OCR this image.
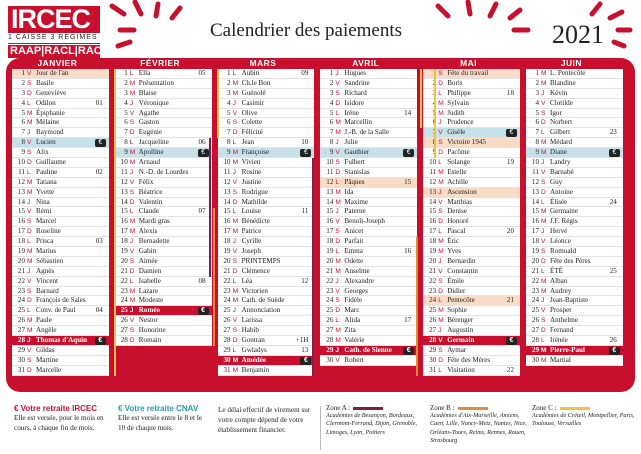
IRCEC
1 CAISSE 3 RÉGIMES
RAAP|RACL|RACD
Calendrier des paiements	2021
JANVIER
1 V Jour de l'an
2 S Basile
3 D Geneviève
4 L Odilon	01
5 M Épiphanie
6 M Mélaine
7 J Raymond
8 V Lucien	€
9 S Alix
10 D Guillaume
11 L Pauline	02
12 M Tatiana
13 M Yvette
14 J Nina
15 V Rémi
16 S Marcel
17 D Roseline
18 L Prisca	03
19 M Marius
20 M Sébastien
21 J Agnès
22 V Vincent
23 S Barnard
24 D François de Sales
25 L Conv. de Paul	04
26 M Paule
27 M Angèle
28 J Thomas d'Aquin	€
29 V Gildas
30 S Martine
31 D Marcelle
FÉVRIER
1 L Ella	05
2 M Présentation
3 M Blaise
4 J Véronique
5 V Agathe
6 S Gaston
7 D Eugénie
8 L Jacqueline	06
9 M Apolline	€
10 M Arnaud
11 J N.-D. de Lourdes
12 V Félix
13 S Béatrice
14 D Valentin
15 L Claude	07
16 M Mardi gras
17 M Alexis
18 J Bernadette
19 V Gabin
20 S Aimée
21 D Damien
22 L Isabelle	08
23 M Lazare
24 M Modeste
25 J Roméo	€
26 V Nestor
27 S Honorine
28 D Romain
MARS
1 L Aubin	09
2 M Ch.le Bon
3 M Guénolé
4 J Casimir
5 V Olive
6 S Colette
7 D Félicité
8 L Jean	10
9 M Françoise	€
10 M Vivien
11 J Rosine
12 V Justine
13 S Rodrigue
14 D Mathilde
15 L Louise	11
16 M Bénédicte
17 M Patrice
18 J Cyrille
19 V Joseph
20 S PRINTEMPS
21 D Clémence
22 L Léa	12
23 M Victorien
24 M Cath. de Suède
25 J Annonciation
26 V Larissa
27 S Habib
28 D Gontran	+1H
29 L Gwladys	13
30 M Amédée	€
31 M Benjamin
AVRIL
1 J Hugues
2 V Sandrine
3 S Richard
4 D Isidore
5 L Irène	14
6 M Marcellin
7 M J.-B. de la Salle
8 J Julie
9 V Gauthier	€
10 S Fulbert
11 D Stanislas
12 L Pâques	15
13 M Ida
14 M Maxime
15 J Paterne
16 V Benoît-Joseph
17 S Anicet
18 D Parfait
19 L Emma	16
20 M Odette
21 M Anselme
22 J Alexandre
23 V Georges
24 S Fidèle
25 D Marc
26 L Alida	17
27 M Zita
28 M Valérie
29 J Cath. de Sienne	€
30 V Robert
MAI
S Fête du travail
D Boris
L Philippe	18
M Sylvain
M Judith
J Prudence
V Gisèle	€
S Victoire 1945
D Pacôme
10 L Solange	19
11 M Estelle
12 M Achille
13 J Ascension
14 V Matthias
15 S Denise
16 D Honoré
17 L Pascal	20
18 M Éric
19 M Yves
20 J Bernardin
21 V Constantin
22 S Émile
23 D Didier
24 L Pentecôte	21
25 M Sophie
26 M Bérenger
27 J Augustin
28 V Germain	€
29 S Aymar
30 D Fête des Mères
31 L Visitation	22
JUIN
1 M L. Pentecôte
2 M Blandine
3 J Kévin
4 V Clotilde
5 S Igor
6 D Norbert
7 L Gilbert	23
8 M Médard
9 M Diane	€
10 J Landry
11 V Barnabé
12 S Guy
13 D Antoine
14 L Élisée	24
15 M Germaine
16 M J.F. Régis
17 J Hervé
18 V Léonce
19 S Romuald
20 D Fête des Pères
21 L ÉTÉ	25
22 M Alban
23 M Audrey
24 J Jean-Baptiste
25 V Prosper
26 S Anthelme
27 D Fernand
28 L Irénée	26
29 M Pierre-Paul	€
30 M Martial
€ Votre retraite IRCEC
Elle est versée, pour le mois en cours, à chaque fin de mois.
€ Votre retraite CNAV
Elle est versée entre le 8 et le 10 de chaque mois.
Le délai effectif de virement sur votre compte dépend de votre établissement financier.
Zone A :
Académies de Besançon, Bordeaux, Clermont-Ferrand, Dijon, Grenoble, Limoges, Lyon, Poitiers
Zone B :
Académies d'Aix-Marseille, Amiens, Caen, Lille, Nancy-Metz, Nantes, Nice, Orléans-Tours, Reims, Rennes, Rouen, Strasbourg
Zone C :
Académies de Créteil, Montpellier, Paris, Toulouse, Versailles
